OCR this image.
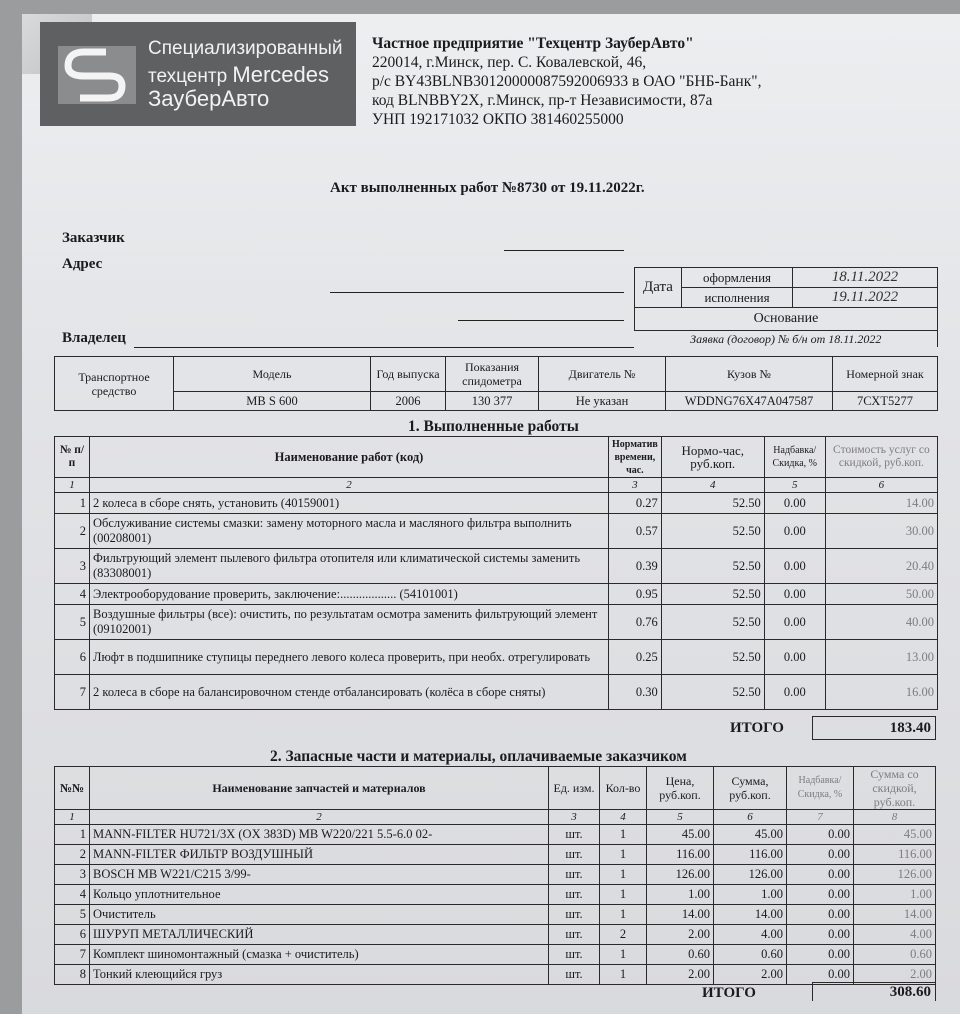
Специализированный
техцентр Mercedes
ЗауберАвто
Частное предприятие "Техцентр ЗауберАвто"
220014, г.Минск, пер. С. Ковалевской, 46,
р/с BY43BLNB30120000087592006933 в ОАО "БНБ-Банк",
код BLNBBY2X, г.Минск, пр-т Независимости, 87а
УНП 192171032 ОКПО 381460255000
Акт выполненных работ №8730 от 19.11.2022г.
Заказчик
Адрес
Владелец
Дата	оформления	18.11.2022
	исполнения	19.11.2022
Основание		
Заявка (договор) № б/н от 18.11.2022		
Транспортное средство	Модель	Год выпуска	Показания спидометра	Двигатель №	Кузов №	Номерной знак
	MB S 600	2006	130 377	Не указан	WDDNG76X47A047587	7СХТ5277
1. Выполненные работы
№ п/п	Наименование работ (код)	Норматив времени, час.	Нормо-час, руб.коп.	Надбавка/ Скидка, %	Стоимость услуг со скидкой, руб.коп.
1	2	3	4	5	6
1	2 колеса в сборе снять, установить (40159001)	0.27	52.50	0.00	14.00
2	Обслуживание системы смазки: замену моторного масла и масляного фильтра выполнить (00208001)	0.57	52.50	0.00	30.00
3	Фильтрующий элемент пылевого фильтра отопителя или климатической системы заменить (83308001)	0.39	52.50	0.00	20.40
4	Электрооборудование проверить, заключение:.................. (54101001)	0.95	52.50	0.00	50.00
5	Воздушные фильтры (все): очистить, по результатам осмотра заменить фильтрующий элемент (09102001)	0.76	52.50	0.00	40.00
6	Люфт в подшипнике ступицы переднего левого колеса проверить, при необх. отрегулировать	0.25	52.50	0.00	13.00
7	2 колеса в сборе на балансировочном стенде отбалансировать (колёса в сборе сняты)	0.30	52.50	0.00	16.00
ИТОГО	183.40
2. Запасные части и материалы, оплачиваемые заказчиком
№№	Наименование запчастей и материалов	Ед. изм.	Кол-во	Цена, руб.коп.	Сумма, руб.коп.	Надбавка/ Скидка, %	Сумма со скидкой, руб.коп.
1	2	3	4	5	6	7	8
1	MANN-FILTER HU721/3X (OX 383D) MB W220/221 5.5-6.0 02-	шт.	1	45.00	45.00	0.00	45.00
2	MANN-FILTER ФИЛЬТР ВОЗДУШНЫЙ	шт.	1	116.00	116.00	0.00	116.00
3	BOSCH MB W221/C215 3/99-	шт.	1	126.00	126.00	0.00	126.00
4	Кольцо уплотнительное	шт.	1	1.00	1.00	0.00	1.00
5	Очиститель	шт.	1	14.00	14.00	0.00	14.00
6	ШУРУП МЕТАЛЛИЧЕСКИЙ	шт.	2	2.00	4.00	0.00	4.00
7	Комплект шиномонтажный (смазка + очиститель)	шт.	1	0.60	0.60	0.00	0.60
8	Тонкий клеющийся груз	шт.	1	2.00	2.00	0.00	2.00
ИТОГО	308.60
